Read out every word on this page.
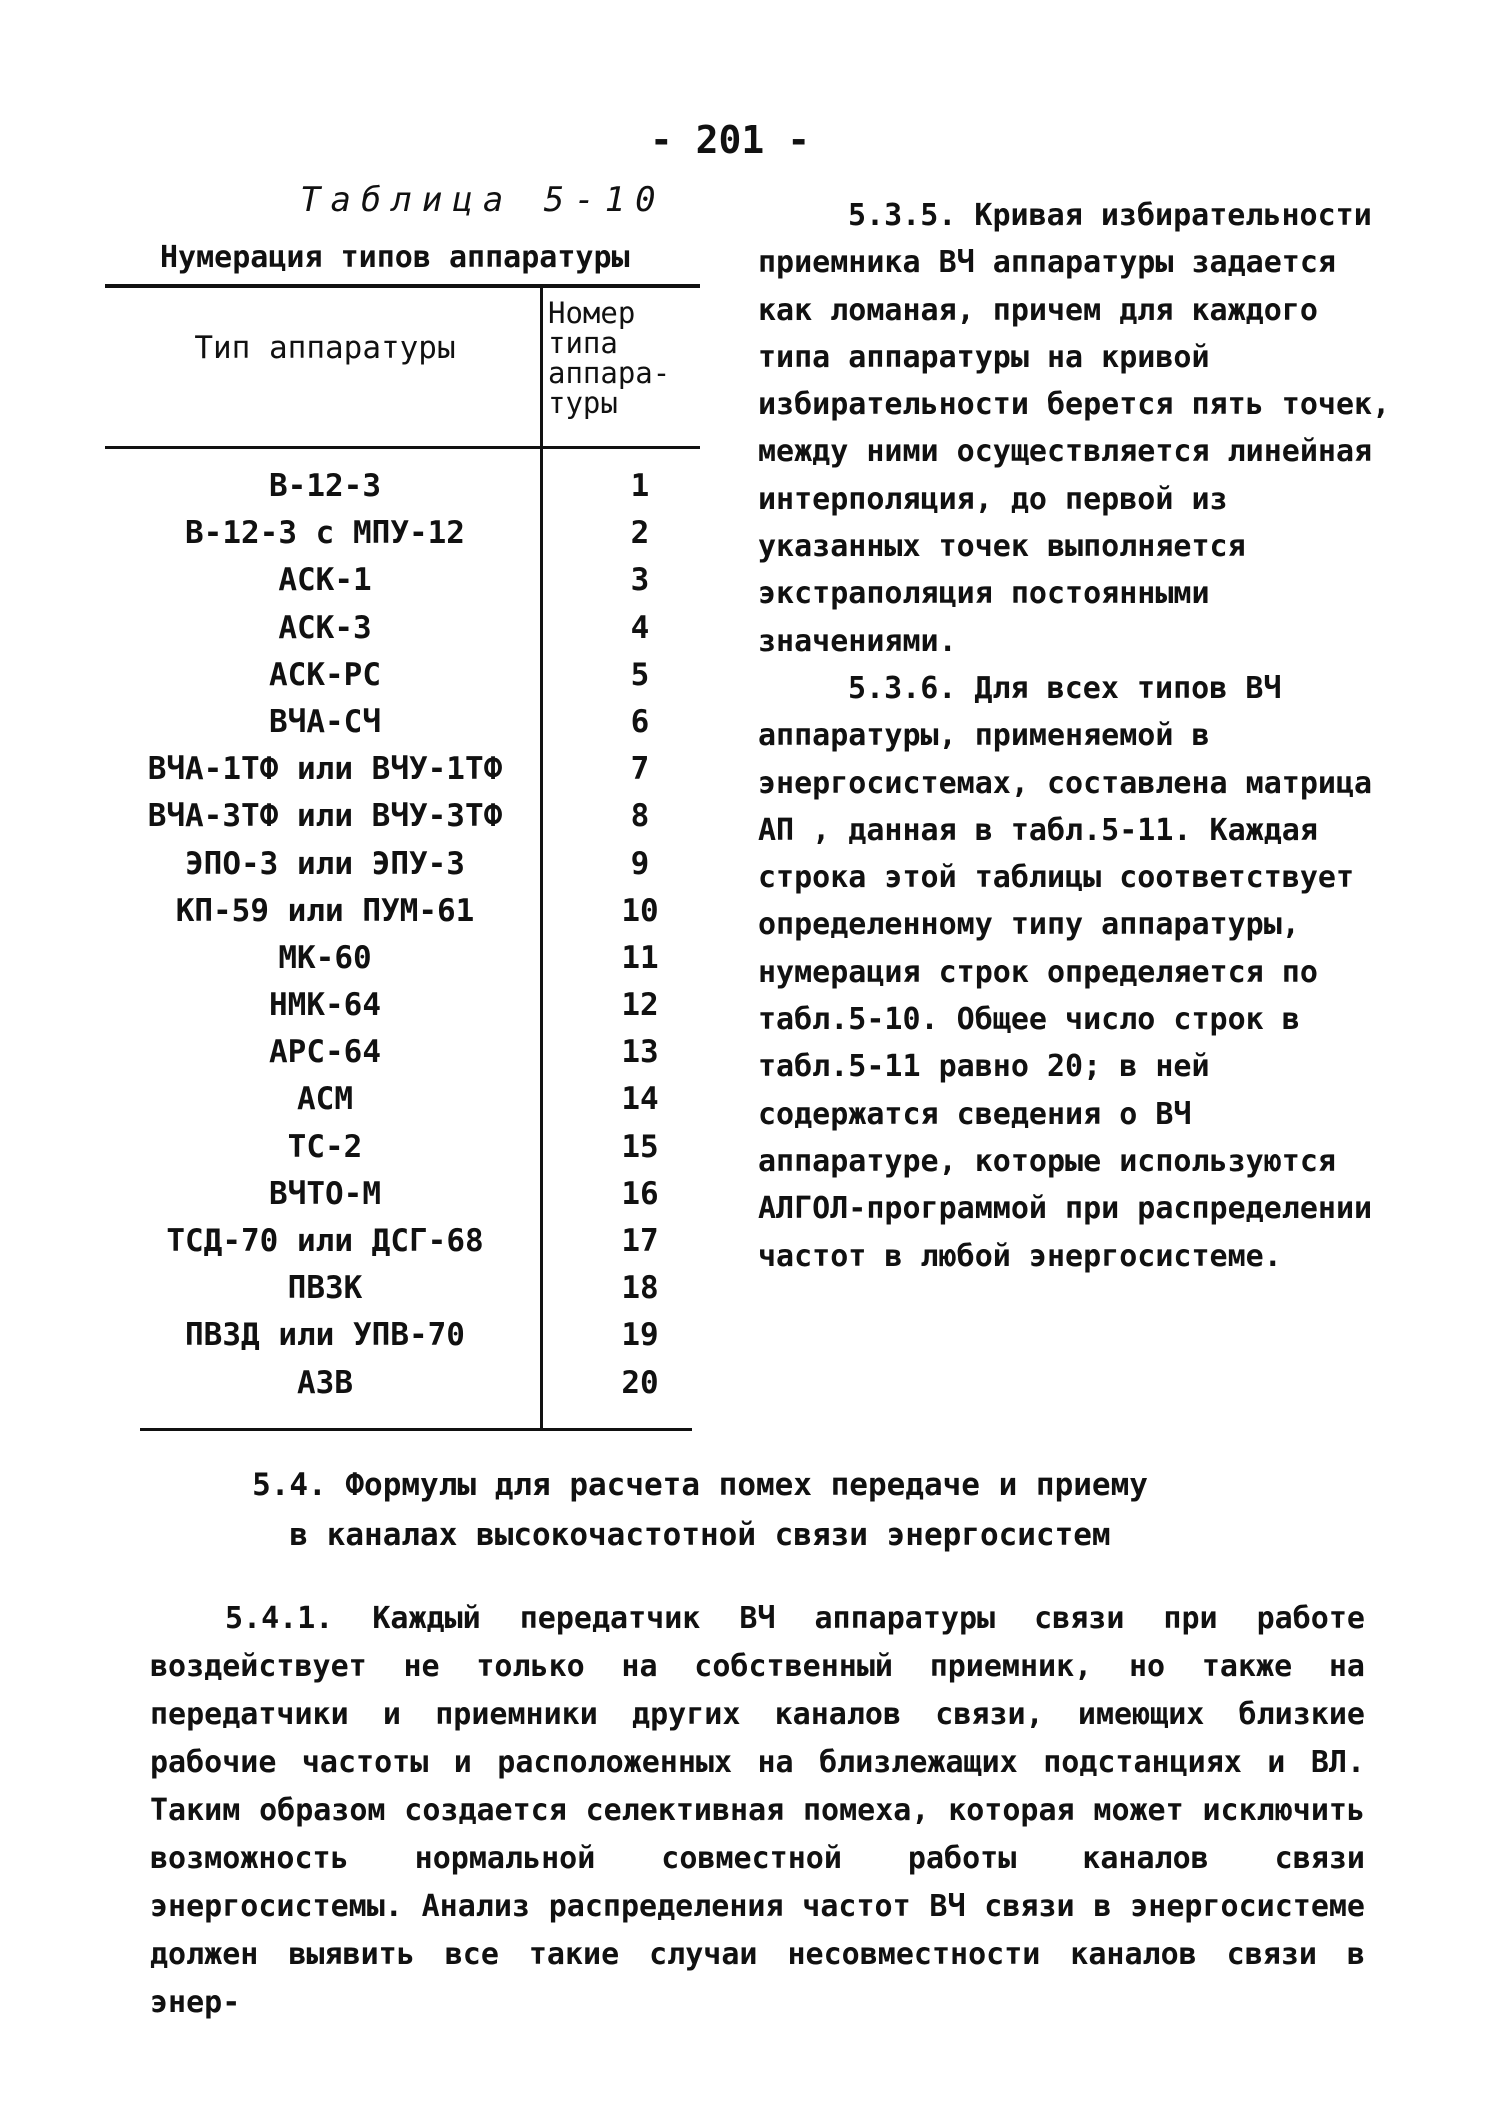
- 201 -
Таблица 5-10
Нумерация типов аппаратуры
Тип аппаратуры
Номер
типа
аппара-
туры
В-12-3	1
В-12-3 с МПУ-12	2
АСК-1	3
АСК-3	4
АСК-РС	5
ВЧА-СЧ	6
ВЧА-1ТФ или ВЧУ-1ТФ	7
ВЧА-3ТФ или ВЧУ-3ТФ	8
ЭПО-3 или ЭПУ-3	9
КП-59 или ПУМ-61	10
МК-60	11
НМК-64	12
АРС-64	13
АСМ	14
ТС-2	15
ВЧТО-М	16
ТСД-70 или ДСГ-68	17
ПВЗК	18
ПВЗД или УПВ-70	19
АЗВ	20

5.3.5. Кривая избирательности приемника ВЧ аппаратуры задается как ломаная, причем для каждого типа аппаратуры на кривой избирательности берется пять точек, между ними осуществляется линейная интерполяция, до первой из указанных точек выполняется экстраполяция постоянными значениями.

5.3.6. Для всех типов ВЧ аппаратуры, применяемой в энергосистемах, составлена матрица АП , данная в табл.5-11. Каждая строка этой таблицы соответствует определенному типу аппаратуры, нумерация строк определяется по табл.5-10. Общее число строк в табл.5-11 равно 20; в ней содержатся сведения о ВЧ аппаратуре, которые используются АЛГОЛ-программой при распределении частот в любой энергосистеме.

5.4. Формулы для расчета помех передаче и приему
в каналах высокочастотной связи энергосистем

5.4.1. Каждый передатчик ВЧ аппаратуры связи при работе воздействует не только на собственный приемник, но также на передатчики и приемники других каналов связи, имеющих близкие рабочие частоты и расположенных на близлежащих подстанциях и ВЛ. Таким образом создается селективная помеха, которая может исключить возможность нормальной совместной работы каналов связи энергосистемы. Анализ распределения частот ВЧ связи в энергосистеме должен выявить все такие случаи несовместности каналов связи в энер-
